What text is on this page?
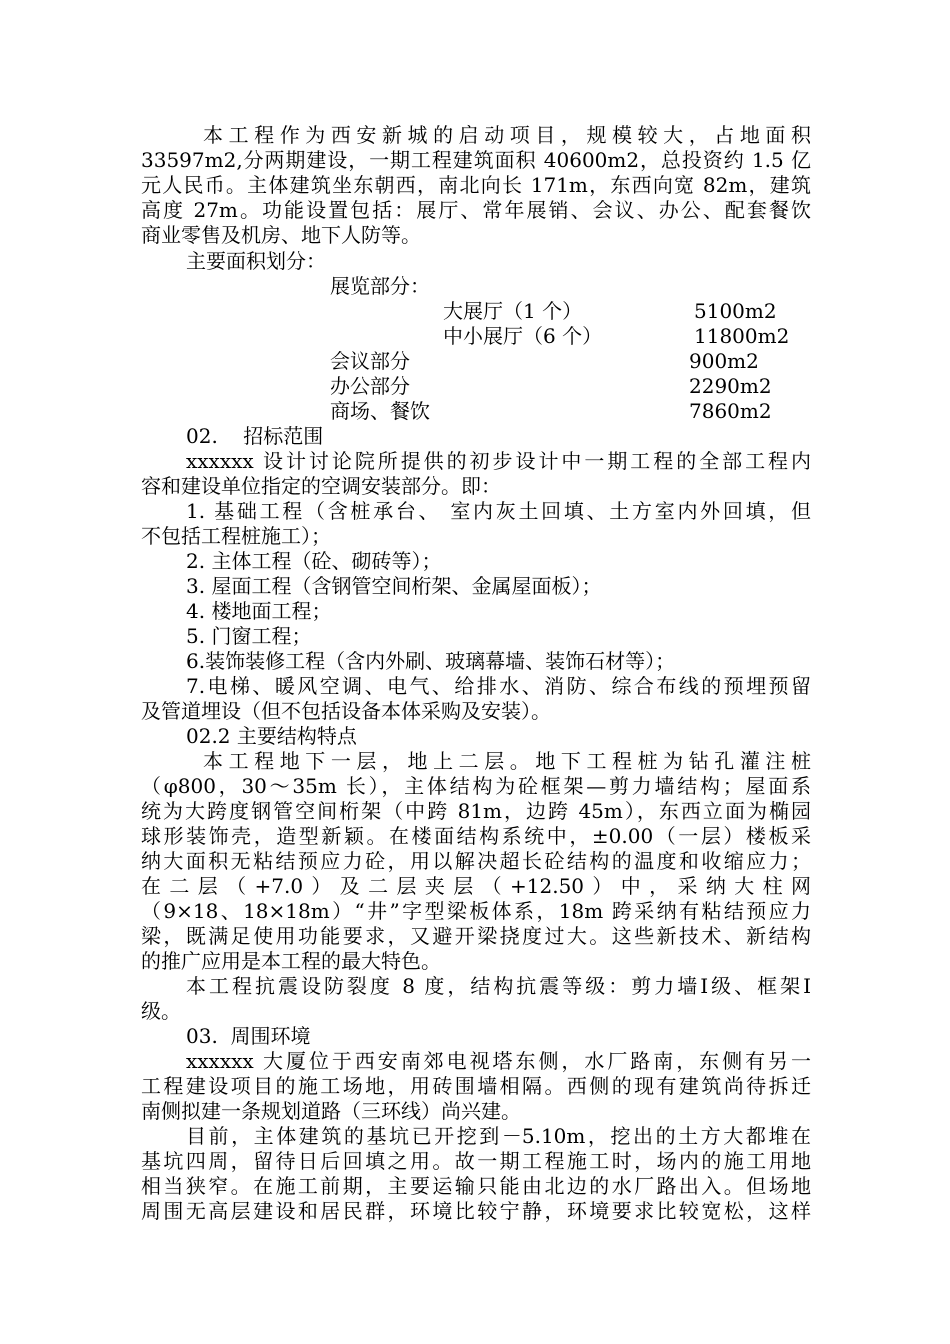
本工程作为西安新城的启动项目，规模较大，占地面积
33597m2,分两期建设，一期工程建筑面积 40600m2，总投资约 1.5 亿
元人民币。主体建筑坐东朝西，南北向长 171m，东西向宽 82m，建筑
高度 27m。功能设置包括：展厅、常年展销、会议、办公、配套餐饮
商业零售及机房、地下人防等。
主要面积划分：
展览部分：
大展厅（1 个）	5100m2
中小展厅（6 个）	11800m2
会议部分	900m2
办公部分	2290m2
商场、餐饮	7860m2
02.    招标范围
xxxxxx 设计讨论院所提供的初步设计中一期工程的全部工程内
容和建设单位指定的空调安装部分。即：
1. 基础工程（含桩承台、 室内灰土回填、土方室内外回填，但
不包括工程桩施工）；
2. 主体工程（砼、砌砖等）；
3. 屋面工程（含钢管空间桁架、金属屋面板）；
4. 楼地面工程；
5. 门窗工程；
6.装饰装修工程（含内外刷、玻璃幕墙、装饰石材等）；
7.电梯、暖风空调、电气、给排水、消防、综合布线的预埋预留
及管道埋设（但不包括设备本体采购及安装）。
02.2 主要结构特点
本工程地下一层，地上二层。地下工程桩为钻孔灌注桩
（φ800，30～35m 长），主体结构为砼框架—剪力墙结构；屋面系
统为大跨度钢管空间桁架（中跨 81m，边跨 45m），东西立面为椭园
球形装饰壳，造型新颖。在楼面结构系统中，±0.00（一层）楼板采
纳大面积无粘结预应力砼，用以解决超长砼结构的温度和收缩应力；
在二层（+7.0）及二层夹层（+12.50）中，采纳大柱网
（9×18、18×18m）“井”字型梁板体系，18m 跨采纳有粘结预应力
梁，既满足使用功能要求，又避开梁挠度过大。这些新技术、新结构
的推广应用是本工程的最大特色。
本工程抗震设防裂度 8 度，结构抗震等级：剪力墙Ⅰ级、框架Ⅰ
级。
03.  周围环境
xxxxxx 大厦位于西安南郊电视塔东侧，水厂路南，东侧有另一
工程建设项目的施工场地，用砖围墙相隔。西侧的现有建筑尚待拆迁
南侧拟建一条规划道路（三环线）尚兴建。
目前，主体建筑的基坑已开挖到－5.10m，挖出的土方大都堆在
基坑四周，留待日后回填之用。故一期工程施工时，场内的施工用地
相当狭窄。在施工前期，主要运输只能由北边的水厂路出入。但场地
周围无高层建设和居民群，环境比较宁静，环境要求比较宽松，这样
